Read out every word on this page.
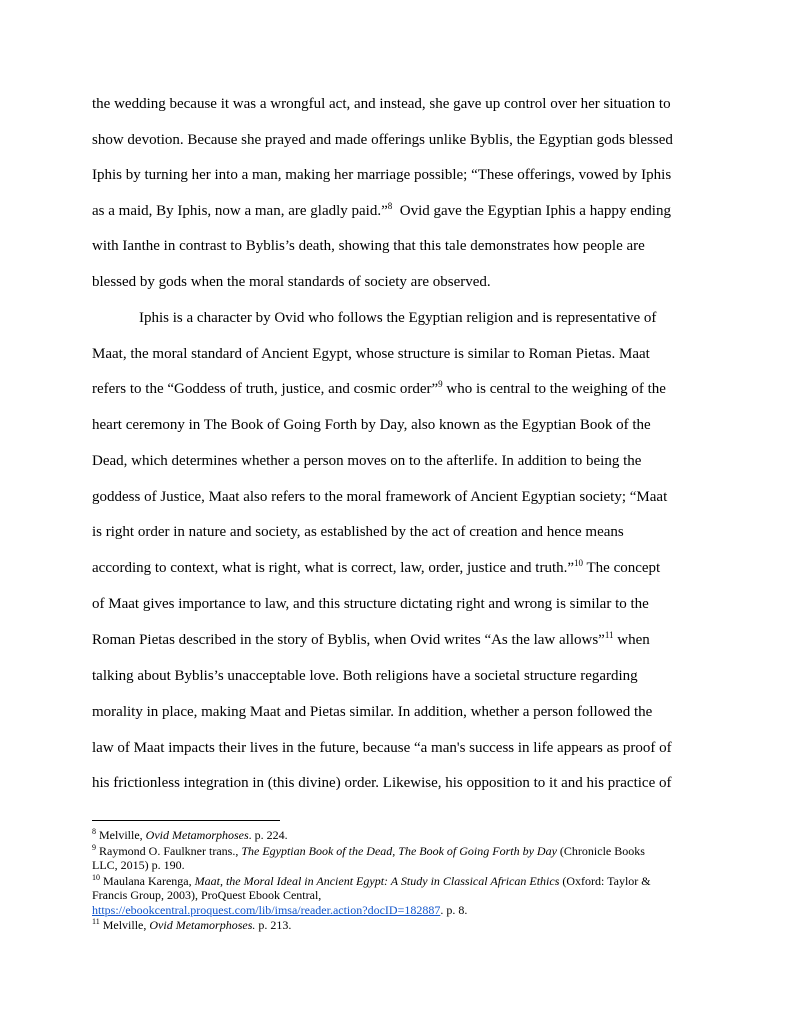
the wedding because it was a wrongful act, and instead, she gave up control over her situation to
show devotion. Because she prayed and made offerings unlike Byblis, the Egyptian gods blessed
Iphis by turning her into a man, making her marriage possible; “These offerings, vowed by Iphis
as a maid, By Iphis, now a man, are gladly paid.”$^8$  Ovid gave the Egyptian Iphis a happy ending
with Ianthe in contrast to Byblis’s death, showing that this tale demonstrates how people are
blessed by gods when the moral standards of society are observed.
Iphis is a character by Ovid who follows the Egyptian religion and is representative of
Maat, the moral standard of Ancient Egypt, whose structure is similar to Roman Pietas. Maat
refers to the “Goddess of truth, justice, and cosmic order”$^9$ who is central to the weighing of the
heart ceremony in The Book of Going Forth by Day, also known as the Egyptian Book of the
Dead, which determines whether a person moves on to the afterlife. In addition to being the
goddess of Justice, Maat also refers to the moral framework of Ancient Egyptian society; “Maat
is right order in nature and society, as established by the act of creation and hence means
according to context, what is right, what is correct, law, order, justice and truth.”$^{10}$ The concept
of Maat gives importance to law, and this structure dictating right and wrong is similar to the
Roman Pietas described in the story of Byblis, when Ovid writes “As the law allows”$^{11}$ when
talking about Byblis’s unacceptable love. Both religions have a societal structure regarding
morality in place, making Maat and Pietas similar. In addition, whether a person followed the
law of Maat impacts their lives in the future, because “a man's success in life appears as proof of
his frictionless integration in (this divine) order. Likewise, his opposition to it and his practice of
$^8$ Melville, Ovid Metamorphoses. p. 224.
$^9$ Raymond O. Faulkner trans., The Egyptian Book of the Dead, The Book of Going Forth by Day (Chronicle Books
LLC, 2015) p. 190.
$^{10}$ Maulana Karenga, Maat, the Moral Ideal in Ancient Egypt: A Study in Classical African Ethics (Oxford: Taylor &
Francis Group, 2003), ProQuest Ebook Central,
https://ebookcentral.proquest.com/lib/imsa/reader.action?docID=182887. p. 8.
$^{11}$ Melville, Ovid Metamorphoses. p. 213.
